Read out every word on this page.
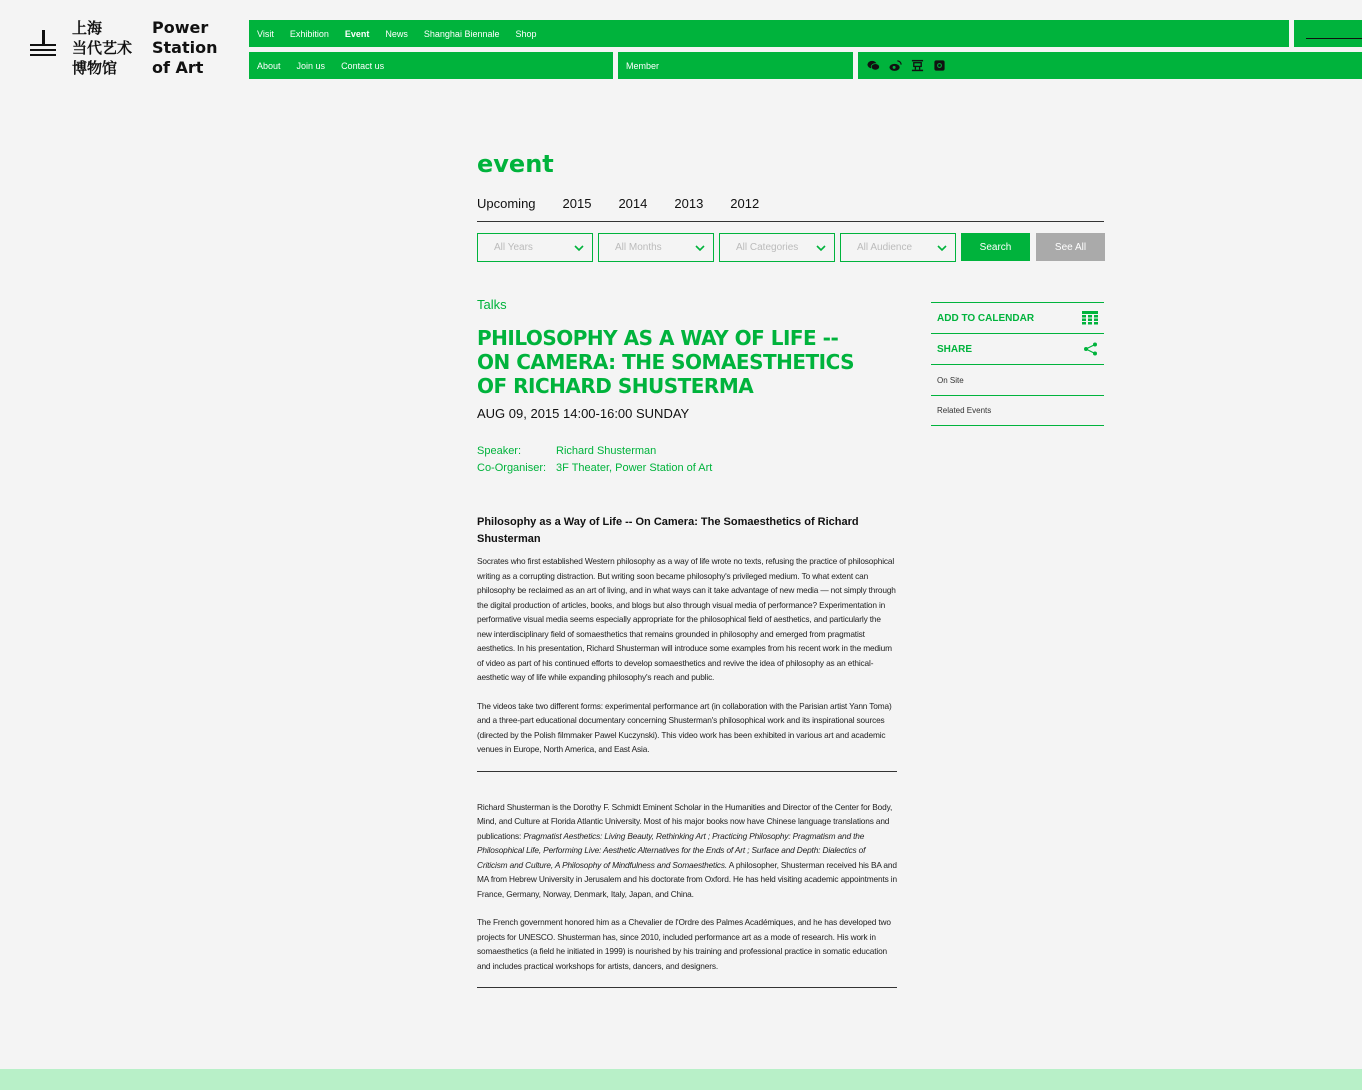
上海
当代艺术
博物馆
Power
Station
of Art
Visit Exhibition Event News Shanghai Biennale Shop
About Join us Contact us	Member
event
Upcoming 2015 2014 2013 2012
All Years	All Months	All Categories	All Audience	Search	See All
Talks
PHILOSOPHY AS A WAY OF LIFE -- ON CAMERA: THE SOMAESTHETICS OF RICHARD SHUSTERMA
AUG 09, 2015 14:00-16:00 SUNDAY
Speaker:	Richard Shusterman
Co-Organiser: 3F Theater, Power Station of Art
Philosophy as a Way of Life -- On Camera: The Somaesthetics of Richard Shusterman

Socrates who first established Western philosophy as a way of life wrote no texts, refusing the practice of philosophical writing as a corrupting distraction. But writing soon became philosophy's privileged medium. To what extent can philosophy be reclaimed as an art of living, and in what ways can it take advantage of new media — not simply through the digital production of articles, books, and blogs but also through visual media of performance? Experimentation in performative visual media seems especially appropriate for the philosophical field of aesthetics, and particularly the new interdisciplinary field of somaesthetics that remains grounded in philosophy and emerged from pragmatist aesthetics. In his presentation, Richard Shusterman will introduce some examples from his recent work in the medium of video as part of his continued efforts to develop somaesthetics and revive the idea of philosophy as an ethical-aesthetic way of life while expanding philosophy's reach and public.

The videos take two different forms: experimental performance art (in collaboration with the Parisian artist Yann Toma) and a three-part educational documentary concerning Shusterman's philosophical work and its inspirational sources (directed by the Polish filmmaker Pawel Kuczynski). This video work has been exhibited in various art and academic venues in Europe, North America, and East Asia.

Richard Shusterman is the Dorothy F. Schmidt Eminent Scholar in the Humanities and Director of the Center for Body, Mind, and Culture at Florida Atlantic University. Most of his major books now have Chinese language translations and publications: Pragmatist Aesthetics: Living Beauty, Rethinking Art ; Practicing Philosophy: Pragmatism and the Philosophical Life, Performing Live: Aesthetic Alternatives for the Ends of Art ; Surface and Depth: Dialectics of Criticism and Culture, A Philosophy of Mindfulness and Somaesthetics. A philosopher, Shusterman received his BA and MA from Hebrew University in Jerusalem and his doctorate from Oxford. He has held visiting academic appointments in France, Germany, Norway, Denmark, Italy, Japan, and China.

The French government honored him as a Chevalier de l'Ordre des Palmes Académiques, and he has developed two projects for UNESCO. Shusterman has, since 2010, included performance art as a mode of research. His work in somaesthetics (a field he initiated in 1999) is nourished by his training and professional practice in somatic education and includes practical workshops for artists, dancers, and designers.

ADD TO CALENDAR
SHARE
On Site
Related Events
